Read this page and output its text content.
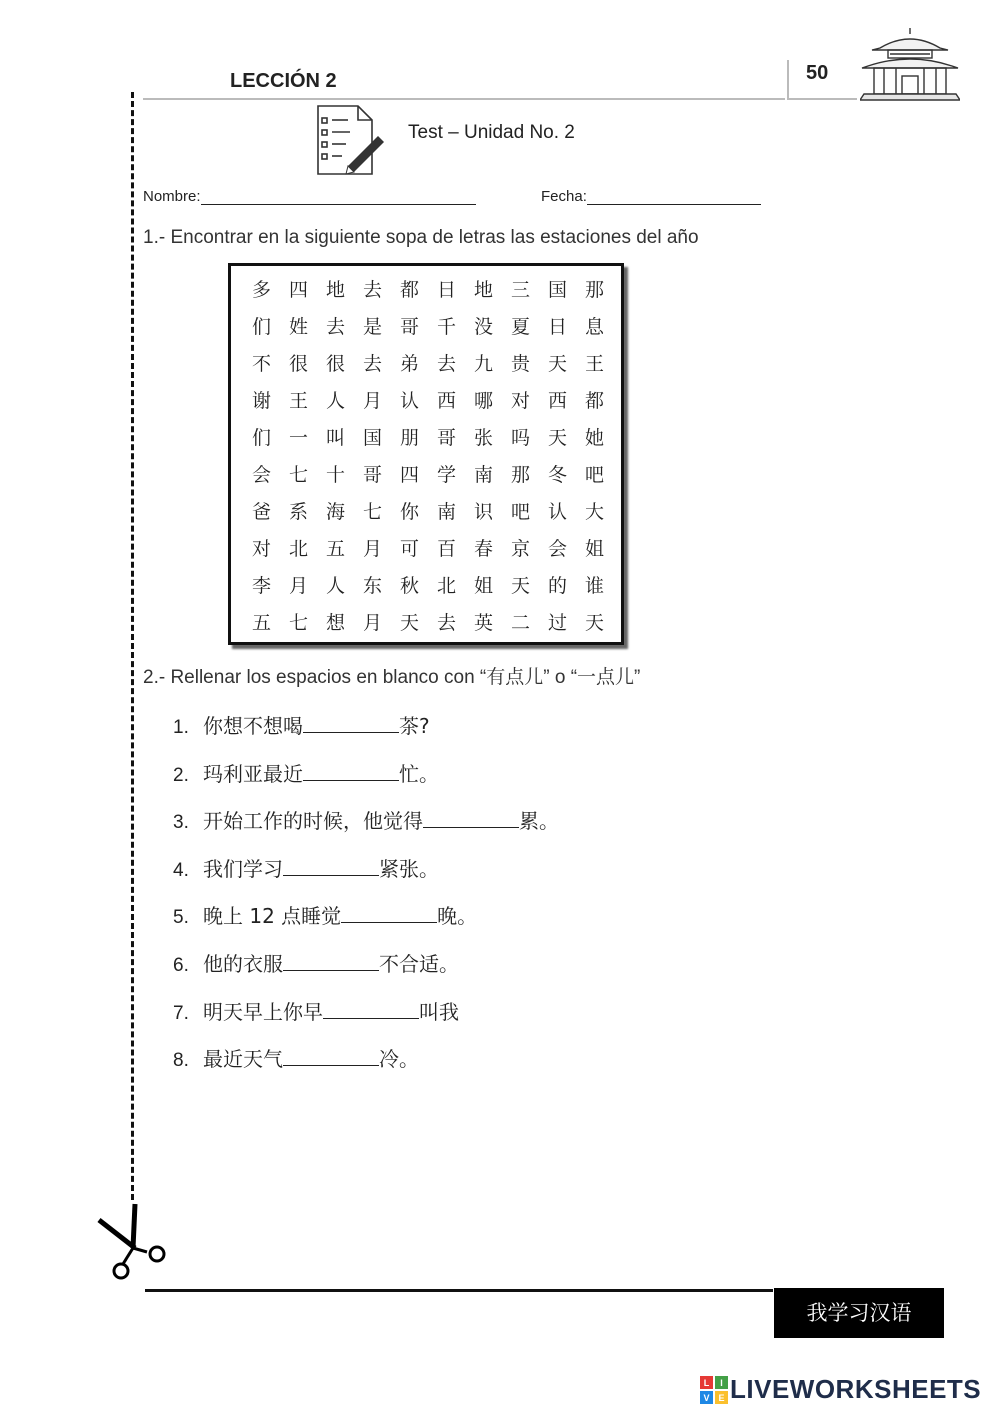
LECCIÓN 2	50
Test – Unidad No. 2
Nombre:	Fecha:
1.- Encontrar en la siguiente sopa de letras las estaciones del año
多 四 地 去 都 日 地 三 国 那
们 姓 去 是 哥 千 没 夏 日 息
不 很 很 去 弟 去 九 贵 天 王
谢 王 人 月 认 西 哪 对 西 都
们 一 叫 国 朋 哥 张 吗 天 她
会 七 十 哥 四 学 南 那 冬 吧
爸 系 海 七 你 南 识 吧 认 大
对 北 五 月 可 百 春 京 会 姐
李 月 人 东 秋 北 姐 天 的 谁
五 七 想 月 天 去 英 二 过 天
2.- Rellenar los espacios en blanco con “有点儿” o “一点儿”
1. 你想不想喝	茶?
2. 玛利亚最近	忙。
3. 开始工作的时候，他觉得	累。
4. 我们学习	紧张。
5. 晚上 12 点睡觉	晚。
6. 他的衣服	不合适。
7. 明天早上你早	叫我
8. 最近天气	冷。
我学习汉语
L I
V E LIVEWORKSHEETS
